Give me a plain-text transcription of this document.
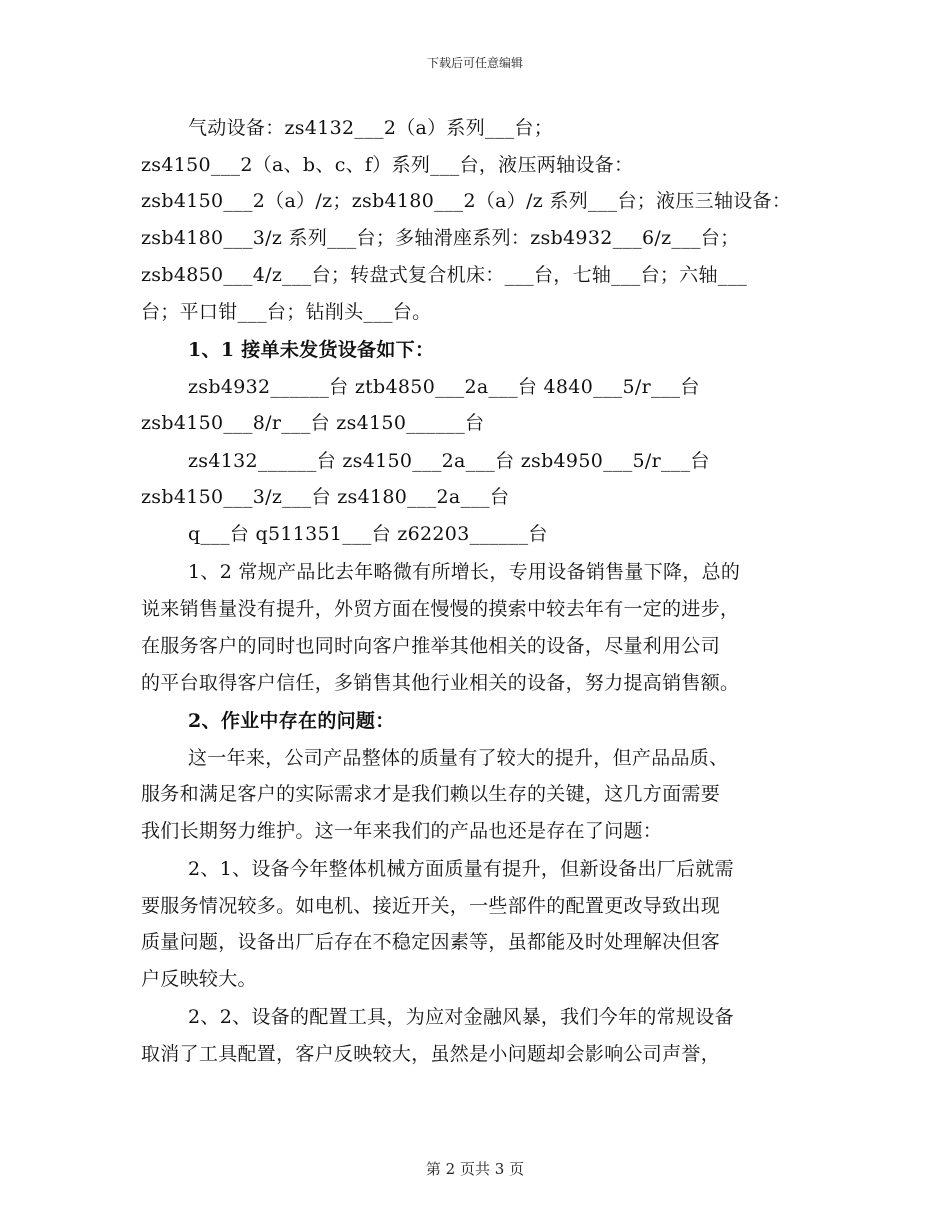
下载后可任意编辑
气动设备：zs4132___2（a）系列___台；
zs4150___2（a、b、c、f）系列___台，液压两轴设备：
zsb4150___2（a）/z；zsb4180___2（a）/z 系列___台；液压三轴设备：
zsb4180___3/z 系列___台；多轴滑座系列：zsb4932___6/z___台；
zsb4850___4/z___台；转盘式复合机床：___台，七轴___台；六轴___
台；平口钳___台；钻削头___台。
1、1 接单未发货设备如下：
zsb4932______台 ztb4850___2a___台 4840___5/r___台
zsb4150___8/r___台 zs4150______台
zs4132______台 zs4150___2a___台 zsb4950___5/r___台
zsb4150___3/z___台 zs4180___2a___台
q___台 q511351___台 z62203______台
1、2 常规产品比去年略微有所增长，专用设备销售量下降，总的
说来销售量没有提升，外贸方面在慢慢的摸索中较去年有一定的进步，
在服务客户的同时也同时向客户推举其他相关的设备，尽量利用公司
的平台取得客户信任，多销售其他行业相关的设备，努力提高销售额。
2、作业中存在的问题：
这一年来，公司产品整体的质量有了较大的提升，但产品品质、
服务和满足客户的实际需求才是我们赖以生存的关键，这几方面需要
我们长期努力维护。这一年来我们的产品也还是存在了问题：
2、1、设备今年整体机械方面质量有提升，但新设备出厂后就需
要服务情况较多。如电机、接近开关，一些部件的配置更改导致出现
质量问题，设备出厂后存在不稳定因素等，虽都能及时处理解决但客
户反映较大。
2、2、设备的配置工具，为应对金融风暴，我们今年的常规设备
取消了工具配置，客户反映较大，虽然是小问题却会影响公司声誉，
第 2 页共 3 页
